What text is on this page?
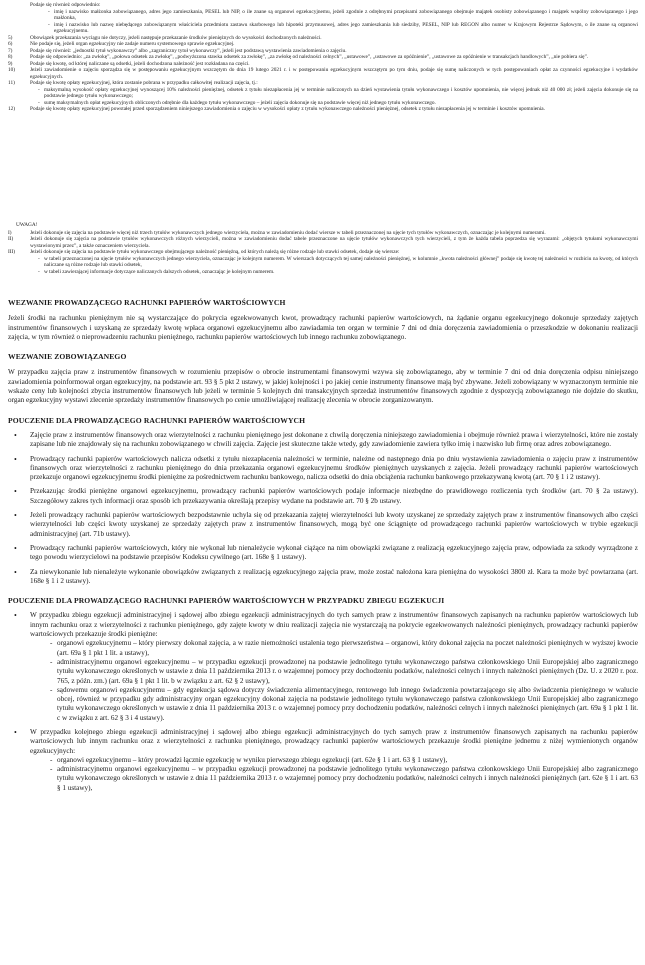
Podaje się również odpowiednio:
- imię i nazwisko małżonka zobowiązanego, adres jego zamieszkania, PESEL lub NIP, o ile znane są organowi egzekucyjnemu, jeżeli zgodnie z odrębnymi przepisami zobowiązanego obejmuje majątek osobisty zobowiązanego i majątek wspólny zobowiązanego i jego małżonka,
- imię i nazwisko lub nazwę niebędącego zobowiązanym właściciela przedmiotu zastawu skarbowego lub hipoteki przymusowej, adres jego zamieszkania lub siedziby, PESEL, NIP lub REGON albo numer w Krajowym Rejestrze Sądowym, o ile znane są organowi egzekucyjnemu.
5)	Obowiązek przekazania wyciągu nie dotyczy, jeżeli następuje przekazanie środków pieniężnych do wysokości dochodzonych należności.
6)	Nie podaje się, jeżeli organ egzekucyjny nie zadaje numeru systemowego sprawie egzekucyjnej.
7)	Podaje się również: „jednostki tytuł wykonawczy” albo „zagraniczny tytuł wykonawczy”, jeżeli jest podstawą wystawienia zawiadomienia o zajęciu.
8)	Podaje się odpowiednio: „za zwłokę”, „połowa odsetek za zwłokę”, „podwyższona stawka odsetek za zwłokę”, „za zwłokę od należności celnych”, „ustawowe”, „ustawowe za opóźnienie”, „ustawowe za opóźnienie w transakcjach handlowych”, „nie pobiera się”.
9)	Podaje się kwotę, od której naliczane są odsetki, jeżeli dochodzona należność jest rozkładana na części.
10)	Jeżeli zawiadomienie o zajęciu sporządza się w postępowaniu egzekucyjnym wszczętym do dnia 19 lutego 2021 r. i w postępowaniu egzekucyjnym wszczętym po tym dniu, podaje się sumę naliczonych w tych postępowaniach opłat za czynności egzekucyjne i wydatków egzekucyjnych.
11)	Podaje się kwotę opłaty egzekucyjnej, która zostanie pobrana w przypadku całkowitej realizacji zajęcia, tj.:
- maksymalną wysokość opłaty egzekucyjnej wynoszącej 10% należności pieniężnej, odsetek z tytułu niezapłacenia jej w terminie naliczonych na dzień wystawienia tytułu wykonawczego i kosztów upomnienia, nie więcej jednak niż 40 000 zł; jeżeli zajęcia dokonuje się na podstawie jednego tytułu wykonawczego;
- sumę maksymalnych opłat egzekucyjnych obliczonych odrębnie dla każdego tytułu wykonawczego – jeżeli zajęcia dokonuje się na podstawie więcej niż jednego tytułu wykonawczego.
12)	Podaje się kwotę opłaty egzekucyjnej powstałej przed sporządzeniem niniejszego zawiadomienia o zajęciu w wysokości opłaty z tytułu wykonawczego należności pieniężnej, odsetek z tytułu niezapłacenia jej w terminie i kosztów upomnienia.
UWAGA!
I)	Jeżeli dokonuje się zajęcia na podstawie więcej niż trzech tytułów wykonawczych jednego wierzyciela, można w zawiadomieniu dodać wiersze w tabeli przeznaczonej na ujęcie tych tytułów wykonawczych, oznaczając je kolejnymi numerami.
II)	Jeżeli dokonuje się zajęcia na podstawie tytułów wykonawczych różnych wierzycieli, można w zawiadomieniu dodać tabele przeznaczone na ujęcie tytułów wykonawczych tych wierzycieli, z tym że każda tabela poprzedza się wyrazami: „objętych tytułami wykonawczymi wystawionymi przez”, a także oznaczeniem wierzyciela.
III)	Jeżeli dokonuje się zajęcia na podstawie tytułu wykonawczego obejmującego należność pieniężną, od których należą się różne rodzaje lub stawki odsetek, dodaje się wiersze:
- w tabeli przeznaczonej na ujęcie tytułów wykonawczych jednego wierzyciela, oznaczając je kolejnym numerem. W wierszach dotyczących tej samej należności pieniężnej, w kolumnie „kwota należności głównej” podaje się kwotę tej należności w rozbiciu na kwoty, od których naliczane są różne rodzaje lub stawki odsetek,
- w tabeli zawierającej informacje dotyczące naliczanych dalszych odsetek, oznaczając je kolejnym numerem.
WEZWANIE PROWADZĄCEGO RACHUNKI PAPIERÓW WARTOŚCIOWYCH

Jeżeli środki na rachunku pieniężnym nie są wystarczające do pokrycia egzekwowanych kwot, prowadzący rachunki papierów wartościowych, na żądanie organu egzekucyjnego dokonuje sprzedaży zajętych instrumentów finansowych i uzyskaną ze sprzedaży kwotę wpłaca organowi egzekucyjnemu albo zawiadamia ten organ w terminie 7 dni od dnia doręczenia zawiadomienia o przeszkodzie w dokonaniu realizacji zajęcia, w tym również o nieprowadzeniu rachunku pieniężnego, rachunku papierów wartościowych lub innego rachunku zobowiązanego.

WEZWANIE ZOBOWIĄZANEGO

W przypadku zajęcia praw z instrumentów finansowych w rozumieniu przepisów o obrocie instrumentami finansowymi wzywa się zobowiązanego, aby w terminie 7 dni od dnia doręczenia odpisu niniejszego zawiadomienia poinformował organ egzekucyjny, na podstawie art. 93 § 5 pkt 2 ustawy, w jakiej kolejności i po jakiej cenie instrumenty finansowe mają być zbywane. Jeżeli zobowiązany w wyznaczonym terminie nie wskaże ceny lub kolejności zbycia instrumentów finansowych lub jeżeli w terminie 5 kolejnych dni transakcyjnych sprzedaż instrumentów finansowych zgodnie z dyspozycją zobowiązanego nie dojdzie do skutku, organ egzekucyjny wystawi zlecenie sprzedaży instrumentów finansowych po cenie umożliwiającej realizację zlecenia w obrocie zorganizowanym.

POUCZENIE DLA PROWADZĄCEGO RACHUNKI PAPIERÓW WARTOŚCIOWYCH
• Zajęcie praw z instrumentów finansowych oraz wierzytelności z rachunku pieniężnego jest dokonane z chwilą doręczenia niniejszego zawiadomienia i obejmuje również prawa i wierzytelności, które nie zostały zapisane lub nie znajdowały się na rachunku zobowiązanego w chwili zajęcia. Zajęcie jest skuteczne także wtedy, gdy zawiadomienie zawiera tylko imię i nazwisko lub firmę oraz adres zobowiązanego.
• Prowadzący rachunki papierów wartościowych nalicza odsetki z tytułu niezapłacenia należności w terminie, należne od następnego dnia po dniu wystawienia zawiadomienia o zajęciu praw z instrumentów finansowych oraz wierzytelności z rachunku pieniężnego do dnia przekazania organowi egzekucyjnemu środków pieniężnych uzyskanych z zajęcia. Jeżeli prowadzący rachunki papierów wartościowych przekazuje organowi egzekucyjnemu środki pieniężne za pośrednictwem rachunku bankowego, nalicza odsetki do dnia obciążenia rachunku bankowego przekazywaną kwotą (art. 70 § 1 i 2 ustawy).
• Przekazując środki pieniężne organowi egzekucyjnemu, prowadzący rachunki papierów wartościowych podaje informacje niezbędne do prawidłowego rozliczenia tych środków (art. 70 § 2a ustawy). Szczegółowy zakres tych informacji oraz sposób ich przekazywania określają przepisy wydane na podstawie art. 70 § 2b ustawy.
• Jeżeli prowadzący rachunki papierów wartościowych bezpodstawnie uchyla się od przekazania zajętej wierzytelności lub kwoty uzyskanej ze sprzedaży zajętych praw z instrumentów finansowych albo części wierzytelności lub części kwoty uzyskanej ze sprzedaży zajętych praw z instrumentów finansowych, mogą być one ściągnięte od prowadzącego rachunki papierów wartościowych w trybie egzekucji administracyjnej (art. 71b ustawy).
• Prowadzący rachunki papierów wartościowych, który nie wykonał lub nienależycie wykonał ciążące na nim obowiązki związane z realizacją egzekucyjnego zajęcia praw, odpowiada za szkody wyrządzone z tego powodu wierzycielowi na podstawie przepisów Kodeksu cywilnego (art. 168e § 1 ustawy).
• Za niewykonanie lub nienależyte wykonanie obowiązków związanych z realizacją egzekucyjnego zajęcia praw, może zostać nałożona kara pieniężna do wysokości 3800 zł. Kara ta może być powtarzana (art. 168e § 1 i 2 ustawy).
POUCZENIE DLA PROWADZĄCEGO RACHUNKI PAPIERÓW WARTOŚCIOWYCH W PRZYPADKU ZBIEGU EGZEKUCJI
• W przypadku zbiegu egzekucji administracyjnej i sądowej albo zbiegu egzekucji administracyjnych do tych samych praw z instrumentów finansowych zapisanych na rachunku papierów wartościowych lub innym rachunku oraz z wierzytelności z rachunku pieniężnego, gdy zajęte kwoty w dniu realizacji zajęcia nie wystarczają na pokrycie egzekwowanych należności pieniężnych, prowadzący rachunki papierów wartościowych przekazuje środki pieniężne:
- organowi egzekucyjnemu – który pierwszy dokonał zajęcia, a w razie niemożności ustalenia tego pierwszeństwa – organowi, który dokonał zajęcia na poczet należności pieniężnych w wyższej kwocie (art. 69a § 1 pkt 1 lit. a ustawy),
- administracyjnemu organowi egzekucyjnemu – w przypadku egzekucji prowadzonej na podstawie jednolitego tytułu wykonawczego państwa członkowskiego Unii Europejskiej albo zagranicznego tytułu wykonawczego określonych w ustawie z dnia 11 października 2013 r. o wzajemnej pomocy przy dochodzeniu podatków, należności celnych i innych należności pieniężnych (Dz. U. z 2020 r. poz. 765, z późn. zm.) (art. 69a § 1 pkt 1 lit. b w związku z art. 62 § 2 ustawy),
- sądowemu organowi egzekucyjnemu – gdy egzekucja sądowa dotyczy świadczenia alimentacyjnego, rentowego lub innego świadczenia powtarzającego się albo świadczenia pieniężnego w walucie obcej, również w przypadku gdy administracyjny organ egzekucyjny dokonał zajęcia na podstawie jednolitego tytułu wykonawczego państwa członkowskiego Unii Europejskiej albo zagranicznego tytułu wykonawczego określonych w ustawie z dnia 11 października 2013 r. o wzajemnej pomocy przy dochodzeniu podatków, należności celnych i innych należności pieniężnych (art. 69a § 1 pkt 1 lit. c w związku z art. 62 § 3 i 4 ustawy).
• W przypadku kolejnego zbiegu egzekucji administracyjnej i sądowej albo zbiegu egzekucji administracyjnych do tych samych praw z instrumentów finansowych zapisanych na rachunku papierów wartościowych lub innym rachunku oraz z wierzytelności z rachunku pieniężnego, prowadzący rachunki papierów wartościowych przekazuje środki pieniężne jednemu z niżej wymienionych organów egzekucyjnych:
- organowi egzekucyjnemu – który prowadzi łącznie egzekucję w wyniku pierwszego zbiegu egzekucji (art. 62e § 1 i art. 63 § 1 ustawy),
- administracyjnemu organowi egzekucyjnemu – w przypadku egzekucji prowadzonej na podstawie jednolitego tytułu wykonawczego państwa członkowskiego Unii Europejskiej albo zagranicznego tytułu wykonawczego określonych w ustawie z dnia 11 października 2013 r. o wzajemnej pomocy przy dochodzeniu podatków, należności celnych i innych należności pieniężnych (art. 62e § 1 i art. 63 § 1 ustawy),
